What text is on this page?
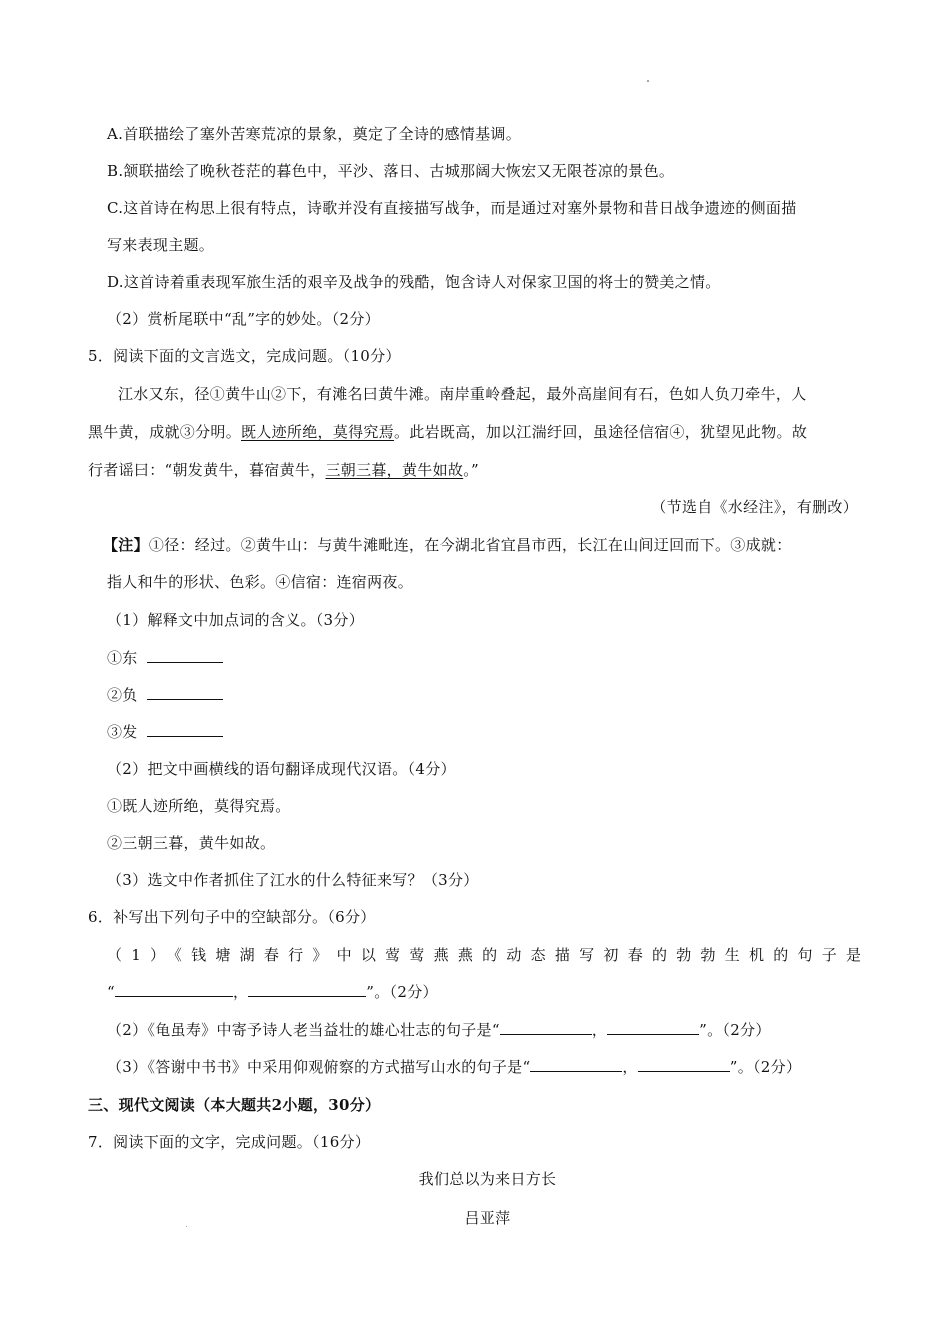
A.首联描绘了塞外苦寒荒凉的景象，奠定了全诗的感情基调。
B.颔联描绘了晚秋苍茫的暮色中，平沙、落日、古城那阔大恢宏又无限苍凉的景色。
C.这首诗在构思上很有特点，诗歌并没有直接描写战争，而是通过对塞外景物和昔日战争遗迹的侧面描
写来表现主题。
D.这首诗着重表现军旅生活的艰辛及战争的残酷，饱含诗人对保家卫国的将士的赞美之情。
（2）赏析尾联中“乱”字的妙处。（2分）
5．阅读下面的文言选文，完成问题。（10分）
江水又东，径①黄牛山②下，有滩名曰黄牛滩。南岸重岭叠起，最外高崖间有石，色如人负刀牵牛，人
黑牛黄，成就③分明。既人迹所绝，莫得究焉。此岩既高，加以江湍纡回，虽途径信宿④，犹望见此物。故
行者谣曰：“朝发黄牛，暮宿黄牛，三朝三暮，黄牛如故。”
（节选自《水经注》，有删改）
【注】①径：经过。②黄牛山：与黄牛滩毗连，在今湖北省宜昌市西，长江在山间迂回而下。③成就：
指人和牛的形状、色彩。④信宿：连宿两夜。
（1）解释文中加点词的含义。（3分）
①东
②负
③发
（2）把文中画横线的语句翻译成现代汉语。（4分）
①既人迹所绝，莫得究焉。
②三朝三暮，黄牛如故。
（3）选文中作者抓住了江水的什么特征来写？（3分）
6．补写出下列句子中的空缺部分。（6分）
（1）《钱塘湖春行》中以莺莺燕燕的动态描写初春的勃勃生机的句子是
“	，	”。（2分）
（2）《龟虽寿》中寄予诗人老当益壮的雄心壮志的句子是“	，	”。（2分）
（3）《答谢中书书》中采用仰观俯察的方式描写山水的句子是“	，	”。（2分）
三、现代文阅读（本大题共2小题，30分）
7．阅读下面的文字，完成问题。（16分）
我们总以为来日方长
吕亚萍
